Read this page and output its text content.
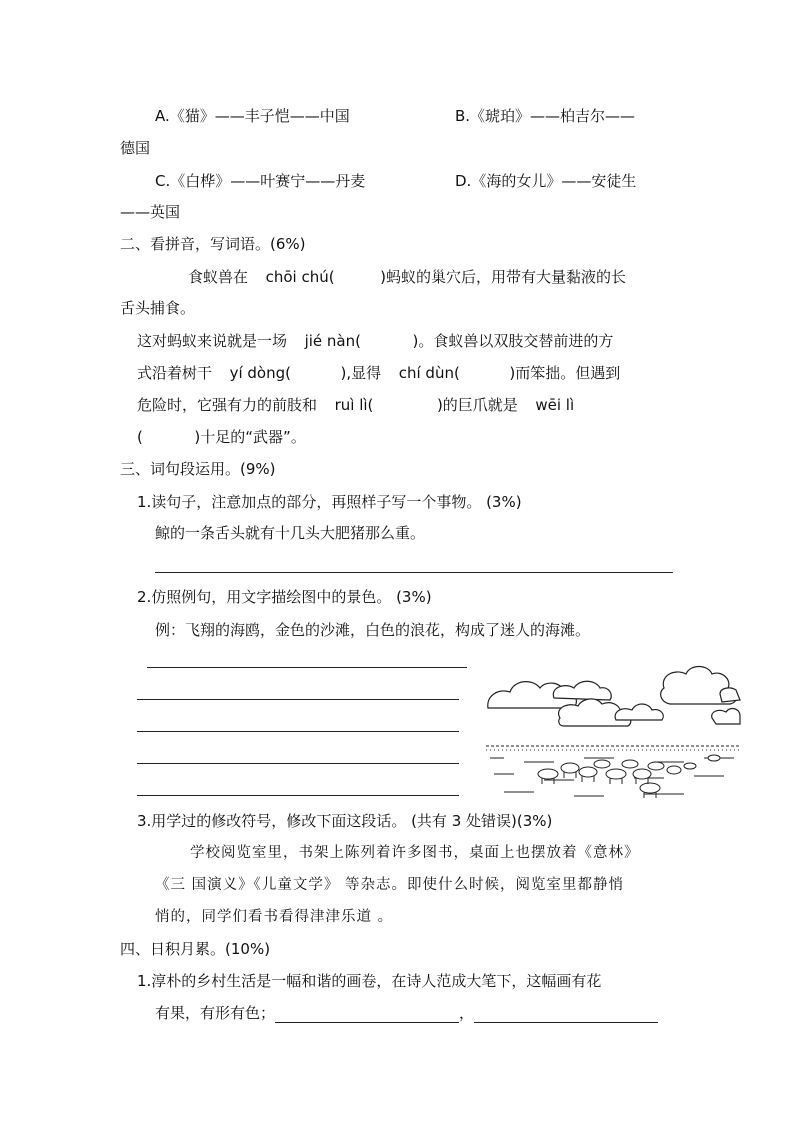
A.《猫》——丰子恺——中国	B.《琥珀》——柏吉尔——
德国
C.《白桦》——叶赛宁——丹麦	D.《海的女儿》——安徒生
——英国
二、看拼音，写词语。(6%)
食蚁兽在 chōi chú(	)蚂蚁的巢穴后，用带有大量黏液的长
舌头捕食。
这对蚂蚁来说就是一场 jié nàn(	)。食蚁兽以双肢交替前进的方
式沿着树干 yí dòng(	),显得 chí dùn(	)而笨拙。但遇到
危险时，它强有力的前肢和 ruì lì(	)的巨爪就是 wēi lì
(	)十足的“武器”。
三、词句段运用。(9%)
1.读句子，注意加点的部分，再照样子写一个事物。 (3%)
鲸的一条舌头就有十几头大肥猪那么重。
2.仿照例句，用文字描绘图中的景色。 (3%)
例：飞翔的海鸥，金色的沙滩，白色的浪花，构成了迷人的海滩。
3.用学过的修改符号，修改下面这段话。 (共有 3 处错误)(3%)
学校阅览室里，书架上陈列着许多图书，桌面上也摆放着《意林》
《三 国演义》《儿童文学》 等杂志。即使什么时候，阅览室里都静悄
悄的，同学们看书看得津津乐道 。
四、日积月累。(10%)
1.淳朴的乡村生活是一幅和谐的画卷，在诗人范成大笔下，这幅画有花
有果，有形有色；	，
